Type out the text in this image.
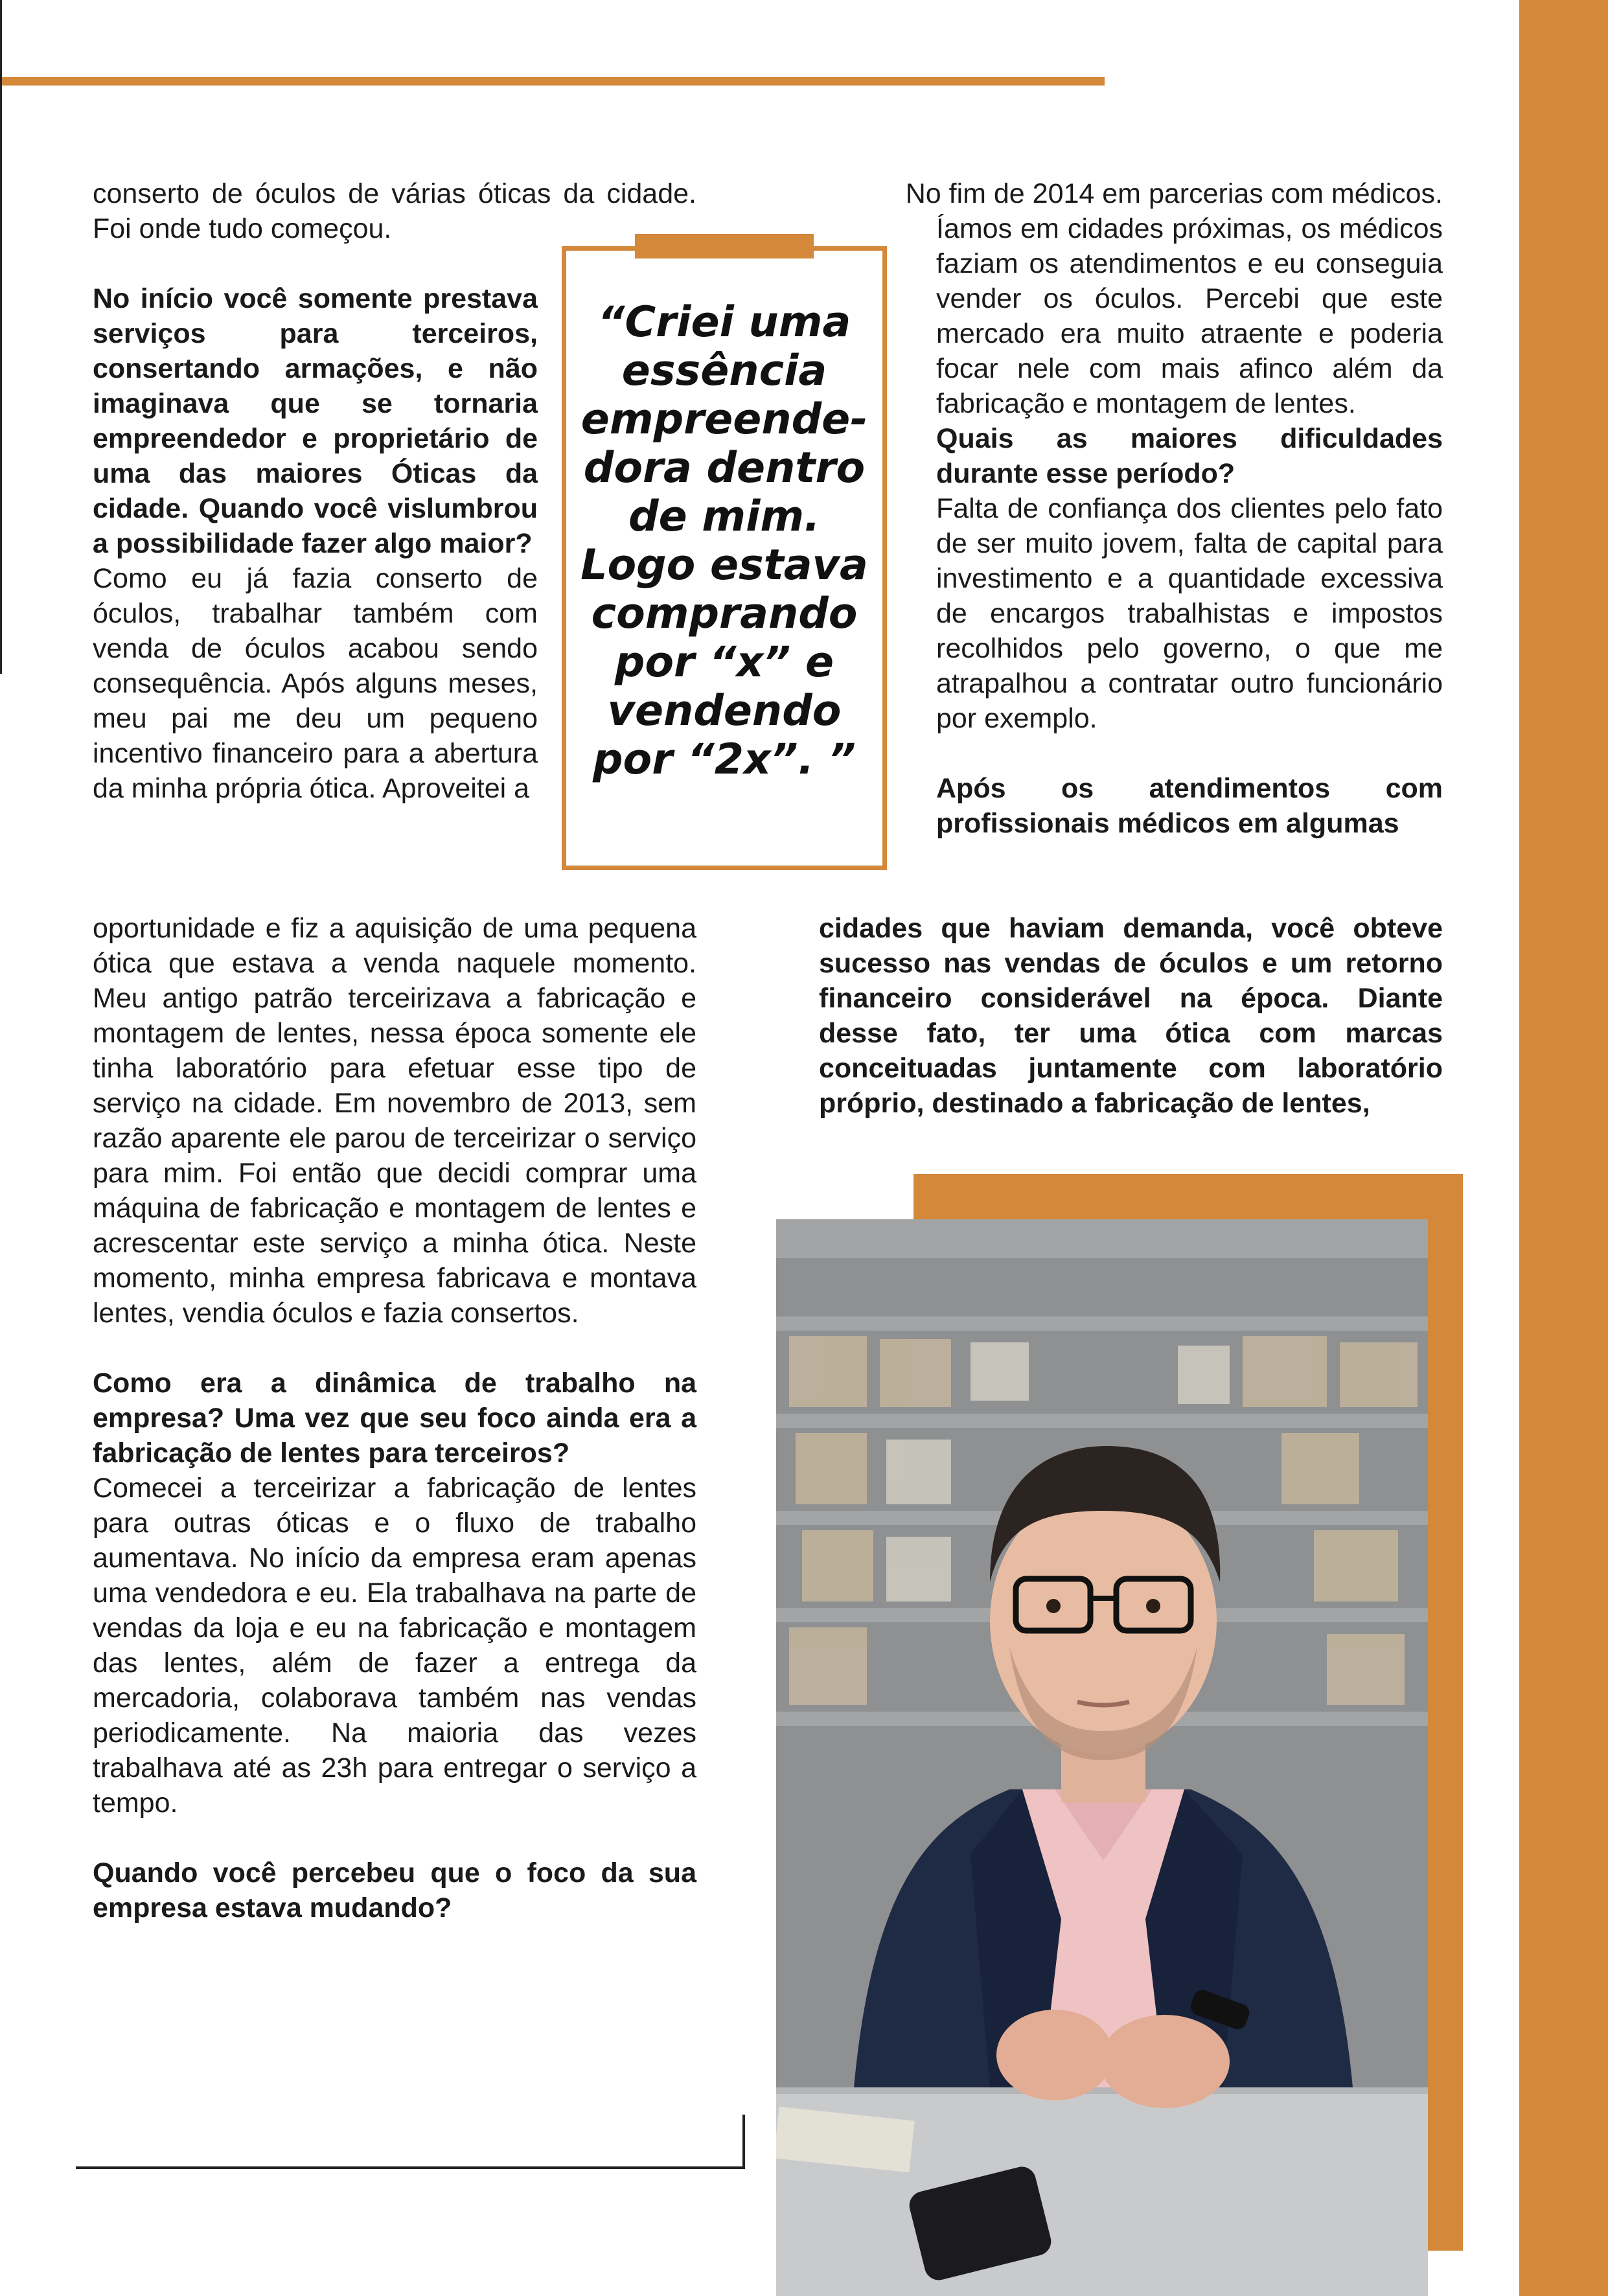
conserto de óculos de várias óticas da cidade. Foi onde tudo começou.

No início você somente prestava serviços para terceiros, consertando armações, e não imaginava que se tornaria empreendedor e proprietário de uma das maiores Óticas da cidade. Quando você vislumbrou a possibilidade fazer algo maior?

Como eu já fazia conserto de óculos, trabalhar também com venda de óculos acabou sendo consequência. Após alguns meses, meu pai me deu um pequeno incentivo financeiro para a abertura da minha própria ótica. Aproveitei a

oportunidade e fiz a aquisição de uma pequena ótica que estava a venda naquele momento. Meu antigo patrão terceirizava a fabricação e montagem de lentes, nessa época somente ele tinha laboratório para efetuar esse tipo de serviço na cidade. Em novembro de 2013, sem razão aparente ele parou de terceirizar o serviço para mim. Foi então que decidi comprar uma máquina de fabricação e montagem de lentes e acrescentar este serviço a minha ótica. Neste momento, minha empresa fabricava e montava lentes, vendia óculos e fazia consertos.

Como era a dinâmica de trabalho na empresa? Uma vez que seu foco ainda era a fabricação de lentes para terceiros?

Comecei a terceirizar a fabricação de lentes para outras óticas e o fluxo de trabalho aumentava. No início da empresa eram apenas uma vendedora e eu. Ela trabalhava na parte de vendas da loja e eu na fabricação e montagem das lentes, além de fazer a entrega da mercadoria, colaborava também nas vendas periodicamente. Na maioria das vezes trabalhava até as 23h para entregar o serviço a tempo.

Quando você percebeu que o foco da sua empresa estava mudando?

“Criei uma essência empreende-dora dentro de mim. Logo estava comprando por “x” e vendendo por “2x”. ”

No fim de 2014 em parcerias com médicos.

Íamos em cidades próximas, os médicos faziam os atendimentos e eu conseguia vender os óculos. Percebi que este mercado era muito atraente e poderia focar nele com mais afinco além da fabricação e montagem de lentes.

Quais as maiores dificuldades durante esse período?

Falta de confiança dos clientes pelo fato de ser muito jovem, falta de capital para investimento e a quantidade excessiva de encargos trabalhistas e impostos recolhidos pelo governo, o que me atrapalhou a contratar outro funcionário por exemplo.

Após os atendimentos com profissionais médicos em algumas

cidades que haviam demanda, você obteve sucesso nas vendas de óculos e um retorno financeiro considerável na época. Diante desse fato, ter uma ótica com marcas conceituadas juntamente com laboratório próprio, destinado a fabricação de lentes,
